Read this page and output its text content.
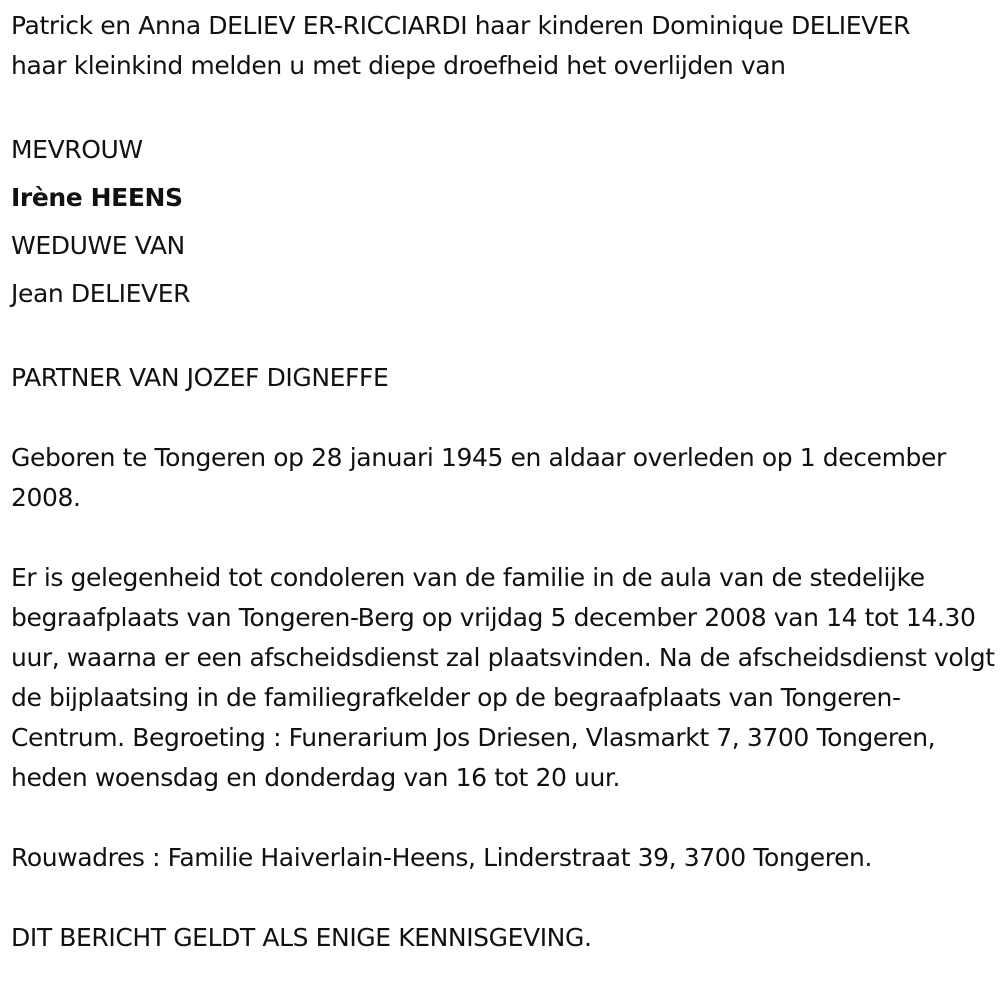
Patrick en Anna DELIEV ER-RICCIARDI haar kinderen Dominique DELIEVER
haar kleinkind melden u met diepe droefheid het overlijden van
MEVROUW
Irène HEENS
WEDUWE VAN
Jean DELIEVER
PARTNER VAN JOZEF DIGNEFFE

Geboren te Tongeren op 28 januari 1945 en aldaar overleden op 1 december 2008.

Er is gelegenheid tot condoleren van de familie in de aula van de stedelijke begraafplaats van Tongeren-Berg op vrijdag 5 december 2008 van 14 tot 14.30 uur, waarna er een afscheidsdienst zal plaatsvinden. Na de afscheidsdienst volgt de bijplaatsing in de familiegrafkelder op de begraafplaats van Tongeren-Centrum. Begroeting : Funerarium Jos Driesen, Vlasmarkt 7, 3700 Tongeren, heden woensdag en donderdag van 16 tot 20 uur.

Rouwadres : Familie Haiverlain-Heens, Linderstraat 39, 3700 Tongeren.
DIT BERICHT GELDT ALS ENIGE KENNISGEVING.
